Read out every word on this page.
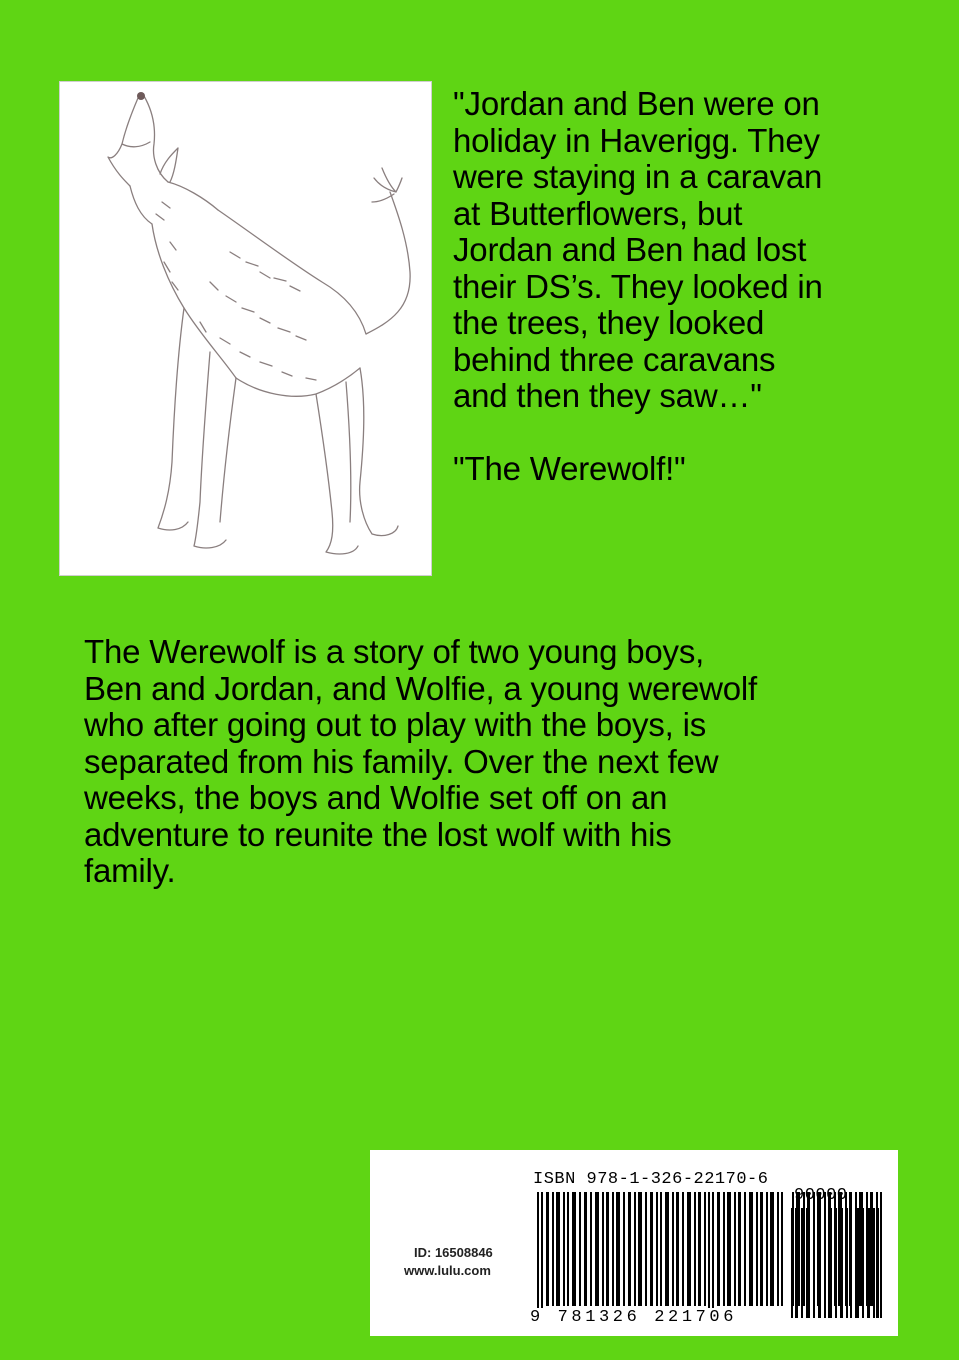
"Jordan and Ben were on
holiday in Haverigg. They
were staying in a caravan
at Butterflowers, but
Jordan and Ben had lost
their DS’s. They looked in
the trees, they looked
behind three caravans
and then they saw…"

"The Werewolf!"

The Werewolf is a story of two young boys,
Ben and Jordan, and Wolfie, a young werewolf
who after going out to play with the boys, is
separated from his family. Over the next few
weeks, the boys and Wolfie set off on an
adventure to reunite the lost wolf with his
family.

ISBN 978-1-326-22170-6
90000
ID: 16508846
www.lulu.com
9 781326 221706
